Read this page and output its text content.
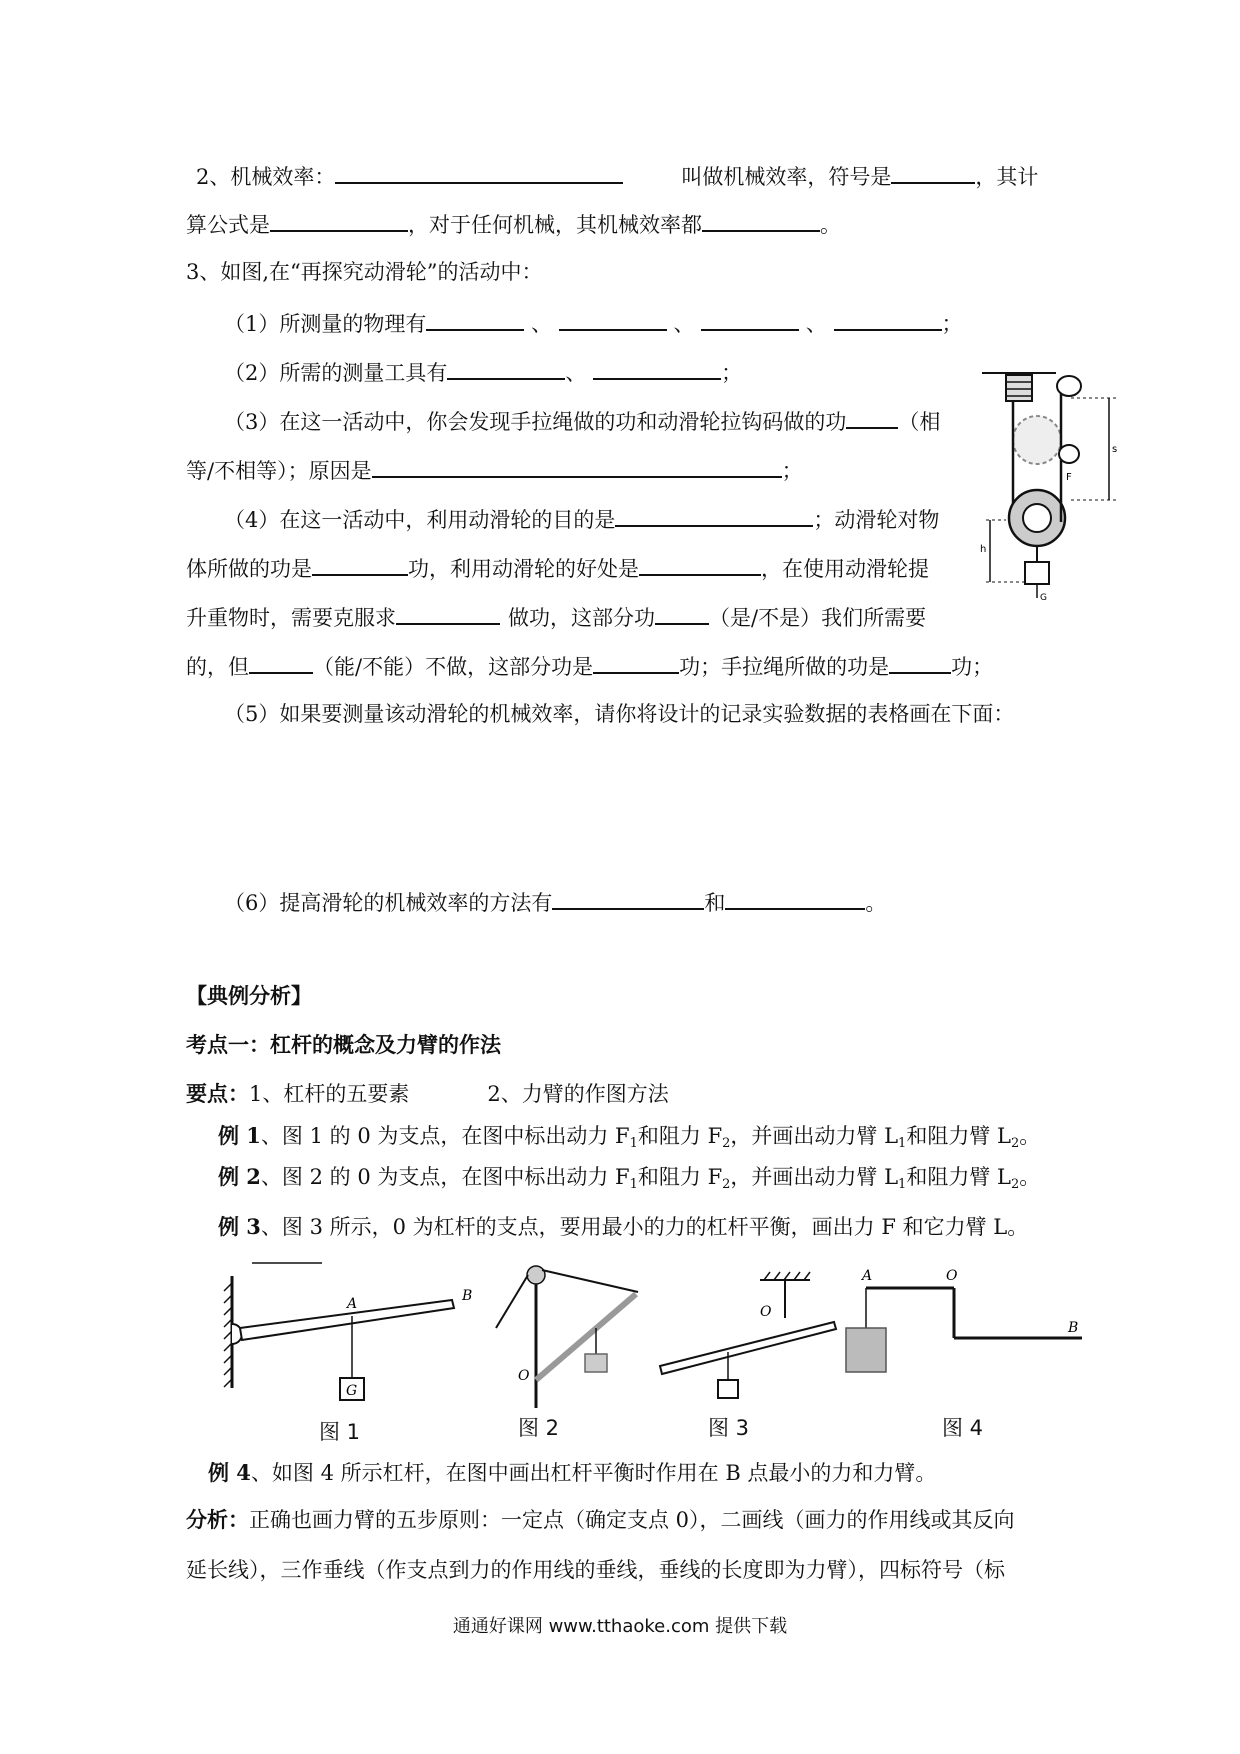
2、机械效率：	叫做机械效率，符号是	，其计
算公式是	，对于任何机械，其机械效率都	。
3、如图,在“再探究动滑轮”的活动中：
（1）所测量的物理有	、	、	、	；
（2）所需的测量工具有	、	；
（3）在这一活动中，你会发现手拉绳做的功和动滑轮拉钩码做的功 （相
等/不相等）；原因是	；
（4）在这一活动中，利用动滑轮的目的是	；动滑轮对物
体所做的功是	功，利用动滑轮的好处是	，在使用动滑轮提
升重物时，需要克服求	做功，这部分功	（是/不是）我们所需要
的，但	（能/不能）不做，这部分功是	功；手拉绳所做的功是	功；
（5）如果要测量该动滑轮的机械效率，请你将设计的记录实验数据的表格画在下面：
（6）提高滑轮的机械效率的方法有	和	。
s
F
h
G
【典例分析】
考点一：杠杆的概念及力臂的作法
要点：1、杠杆的五要素	2、力臂的作图方法
例 1、图 1 的 0 为支点，在图中标出动力 $F_1$和阻力 $F_2$，并画出动力臂 $L_1$和阻力臂 $L_2$。
例 2、图 2 的 0 为支点，在图中标出动力 $F_1$和阻力 $F_2$，并画出动力臂 $L_1$和阻力臂 $L_2$。
例 3、图 3 所示，0 为杠杆的支点，要用最小的力的杠杆平衡，画出力 F 和它力臂 L。
G
A	B
图 1
O
图 2
O
图 3
A	O
B
图 4
例 4、如图 4 所示杠杆，在图中画出杠杆平衡时作用在 B 点最小的力和力臂。
分析：正确也画力臂的五步原则：一定点（确定支点 0），二画线（画力的作用线或其反向
延长线），三作垂线（作支点到力的作用线的垂线，垂线的长度即为力臂），四标符号（标
通通好课网 www.tthaoke.com 提供下载
